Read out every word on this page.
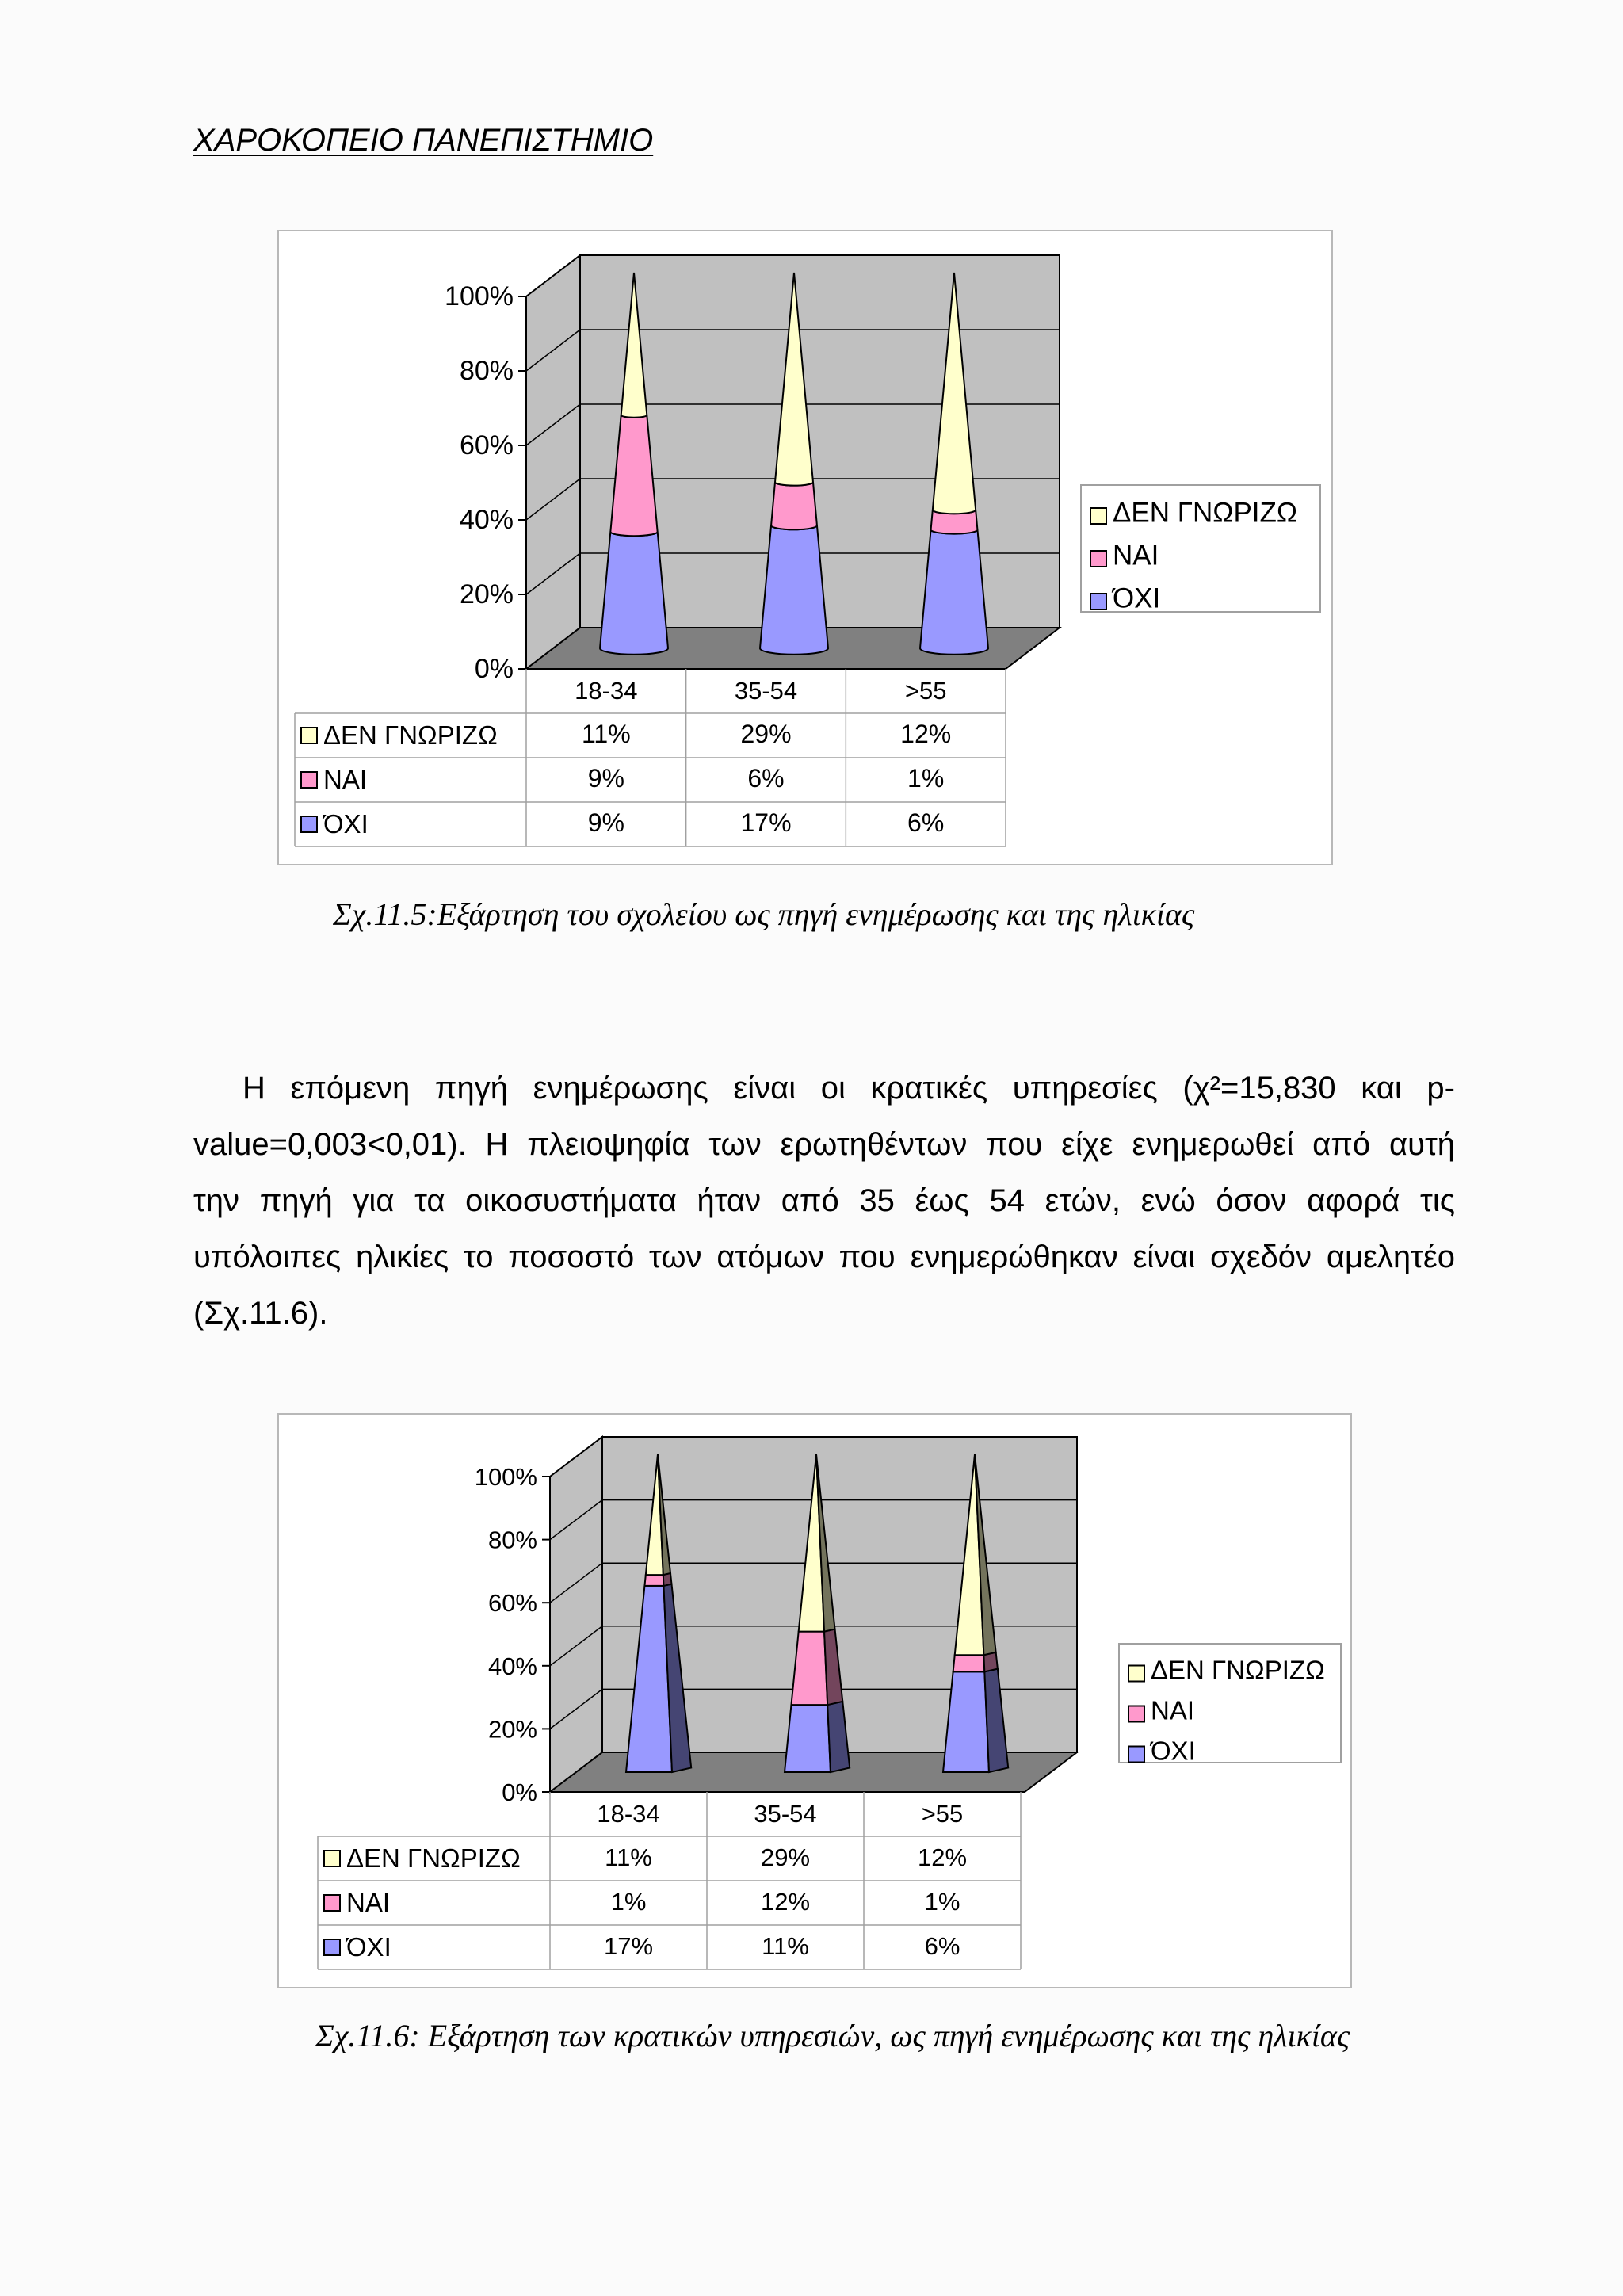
ΧΑΡΟΚΟΠΕΙΟ ΠΑΝΕΠΙΣΤΗΜΙΟ
0%
20%
40%
60%
80%
100%
18-34	35-54	>55
ΔΕΝ ΓΝΩΡΙΖΩ	11%	29%	12%
ΝΑΙ	9%	6%	1%
ΌΧΙ	9%	17%	6%
ΔΕΝ ΓΝΩΡΙΖΩ
ΝΑΙ
ΌΧΙ
Σχ.11.5:Εξάρτηση του σχολείου ως πηγή ενημέρωσης και της ηλικίας
Η επόμενη πηγή ενημέρωσης είναι οι κρατικές υπηρεσίες (χ²=15,830 και p-
value=0,003<0,01). Η πλειοψηφία των ερωτηθέντων που είχε ενημερωθεί από αυτή
την πηγή για τα οικοσυστήματα ήταν από 35 έως 54 ετών, ενώ όσον αφορά τις
υπόλοιπες ηλικίες το ποσοστό των ατόμων που ενημερώθηκαν είναι σχεδόν αμελητέο
(Σχ.11.6).
0%
20%
40%
60%
80%
100%
18-34	35-54	>55
ΔΕΝ ΓΝΩΡΙΖΩ	11%	29%	12%
ΝΑΙ	1%	12%	1%
ΌΧΙ	17%	11%	6%
ΔΕΝ ΓΝΩΡΙΖΩ
ΝΑΙ
ΌΧΙ
Σχ.11.6: Εξάρτηση των κρατικών υπηρεσιών, ως πηγή ενημέρωσης και της ηλικίας
